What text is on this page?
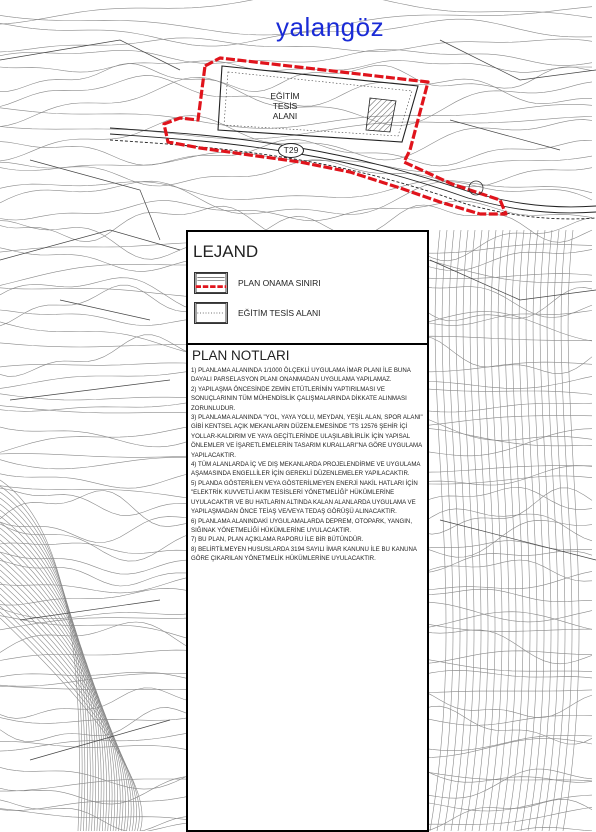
yalangöz
EĞİTİM
TESİS
ALANI
T29
LEJAND
PLAN ONAMA SINIRI
EĞİTİM TESİS ALANI
PLAN NOTLARI
1) PLANLAMA ALANINDA 1/1000 ÖLÇEKLİ UYGULAMA İMAR PLANI İLE BUNA DAYALI PARSELASYON PLANI ONANMADAN UYGULAMA YAPILAMAZ.
2) YAPILAŞMA ÖNCESİNDE ZEMİN ETÜTLERİNİN YAPTIRILMASI VE SONUÇLARININ TÜM MÜHENDİSLİK ÇALIŞMALARINDA DİKKATE ALINMASI ZORUNLUDUR.
3) PLANLAMA ALANINDA "YOL, YAYA YOLU, MEYDAN, YEŞİL ALAN, SPOR ALANI" GİBİ KENTSEL AÇIK MEKANLARIN DÜZENLEMESİNDE "TS 12576 ŞEHİR İÇİ YOLLAR-KALDIRIM VE YAYA GEÇİTLERİNDE ULAŞILABİLİRLİK İÇİN YAPISAL ÖNLEMLER VE İŞARETLEMELERİN TASARIM KURALLARI"NA GÖRE UYGULAMA YAPILACAKTIR.
4) TÜM ALANLARDA İÇ VE DIŞ MEKANLARDA PROJELENDİRME VE UYGULAMA AŞAMASINDA ENGELLİLER İÇİN GEREKLİ DÜZENLEMELER YAPILACAKTIR.
5) PLANDA GÖSTERİLEN VEYA GÖSTERİLMEYEN ENERJİ NAKİL HATLARI İÇİN "ELEKTRİK KUVVETLİ AKIM TESİSLERİ YÖNETMELİĞİ" HÜKÜMLERİNE UYULACAKTIR VE BU HATLARIN ALTINDA KALAN ALANLARDA UYGULAMA VE YAPILAŞMADAN ÖNCE TEİAŞ VE/VEYA TEDAŞ GÖRÜŞÜ ALINACAKTIR.
6) PLANLAMA ALANINDAKİ UYGULAMALARDA DEPREM, OTOPARK, YANGIN, SIĞINAK YÖNETMELİĞİ HÜKÜMLERİNE UYULACAKTIR.
7) BU PLAN, PLAN AÇIKLAMA RAPORU İLE BİR BÜTÜNDÜR.
8) BELİRTİLMEYEN HUSUSLARDA 3194 SAYILI İMAR KANUNU İLE BU KANUNA GÖRE ÇIKARILAN YÖNETMELİK HÜKÜMLERİNE UYULACAKTIR.
